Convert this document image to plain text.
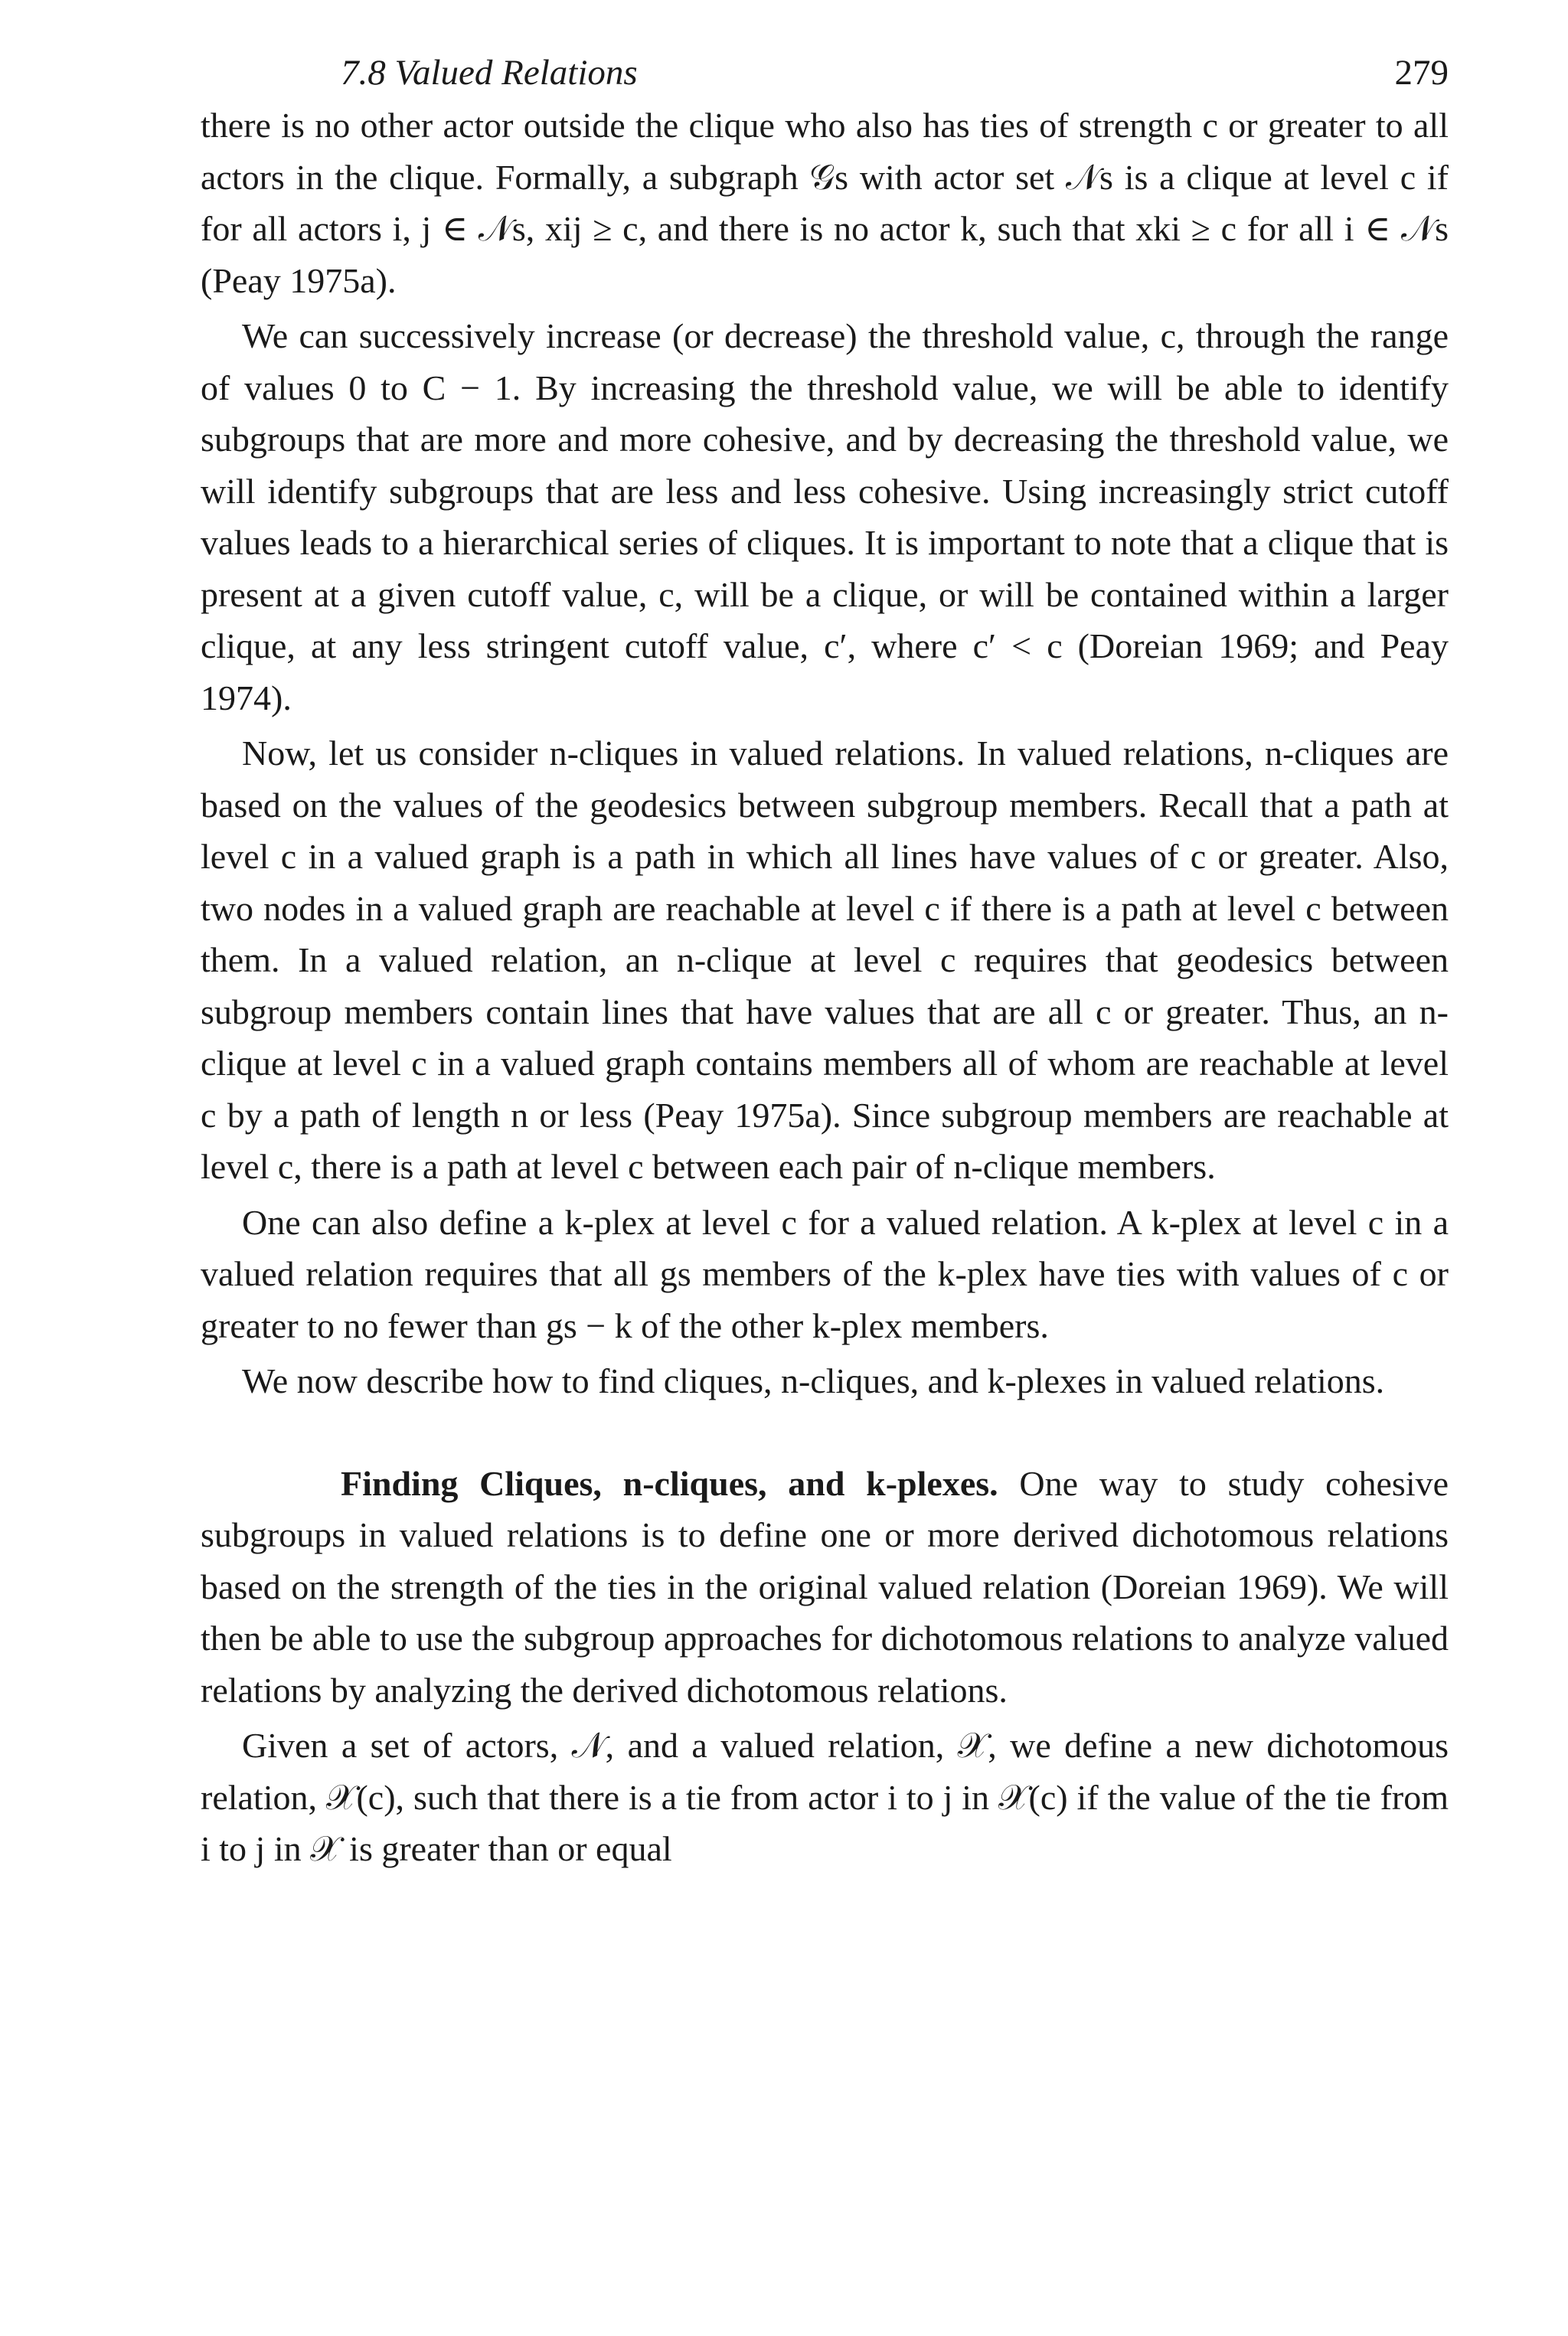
7.8 Valued Relations	279

there is no other actor outside the clique who also has ties of strength c or greater to all actors in the clique. Formally, a subgraph 𝒢s with actor set 𝒩s is a clique at level c if for all actors i, j ∈ 𝒩s, xij ≥ c, and there is no actor k, such that xki ≥ c for all i ∈ 𝒩s (Peay 1975a).

We can successively increase (or decrease) the threshold value, c, through the range of values 0 to C − 1. By increasing the threshold value, we will be able to identify subgroups that are more and more cohesive, and by decreasing the threshold value, we will identify subgroups that are less and less cohesive. Using increasingly strict cutoff values leads to a hierarchical series of cliques. It is important to note that a clique that is present at a given cutoff value, c, will be a clique, or will be contained within a larger clique, at any less stringent cutoff value, c′, where c′ < c (Doreian 1969; and Peay 1974).

Now, let us consider n-cliques in valued relations. In valued relations, n-cliques are based on the values of the geodesics between subgroup members. Recall that a path at level c in a valued graph is a path in which all lines have values of c or greater. Also, two nodes in a valued graph are reachable at level c if there is a path at level c between them. In a valued relation, an n-clique at level c requires that geodesics between subgroup members contain lines that have values that are all c or greater. Thus, an n-clique at level c in a valued graph contains members all of whom are reachable at level c by a path of length n or less (Peay 1975a). Since subgroup members are reachable at level c, there is a path at level c between each pair of n-clique members.

One can also define a k-plex at level c for a valued relation. A k-plex at level c in a valued relation requires that all gs members of the k-plex have ties with values of c or greater to no fewer than gs − k of the other k-plex members.

We now describe how to find cliques, n-cliques, and k-plexes in valued relations.

Finding Cliques, n-cliques, and k-plexes. One way to study cohesive subgroups in valued relations is to define one or more derived dichotomous relations based on the strength of the ties in the original valued relation (Doreian 1969). We will then be able to use the subgroup approaches for dichotomous relations to analyze valued relations by analyzing the derived dichotomous relations.

Given a set of actors, 𝒩, and a valued relation, 𝒳, we define a new dichotomous relation, 𝒳(c), such that there is a tie from actor i to j in 𝒳(c) if the value of the tie from i to j in 𝒳 is greater than or equal
